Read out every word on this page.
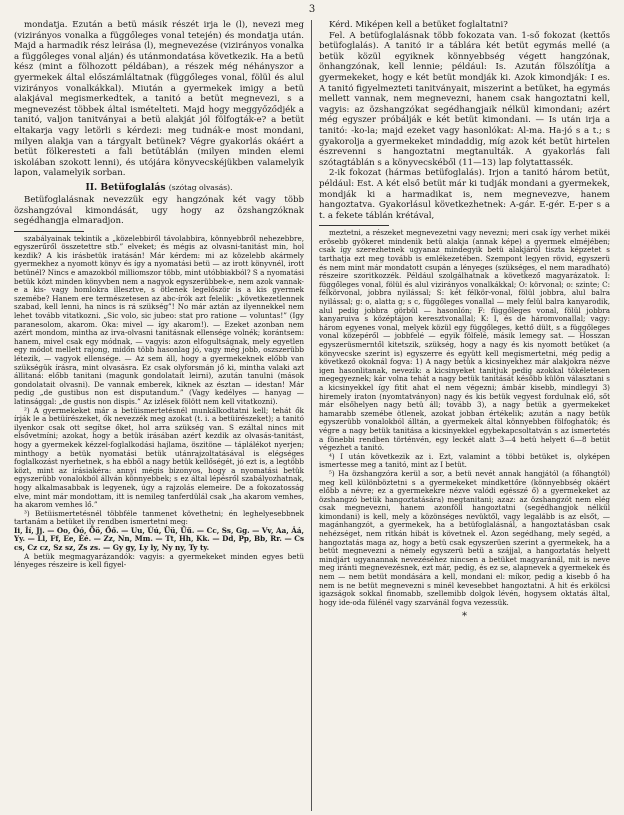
3

mondatja. Ezután a betü másik részét irja le (l), nevezi meg (vizirányos vonalka a függőleges vonal tetején) és mondatja után. Majd a harmadik rész leirása (l), megnevezése (vizirányos vonalka a függőleges vonal alján) és utánmondatása következik. Ha a betü kész (mint a fölhozott példában), a részek még néhányszor a gyermekek által előszámláltatnak (függőleges vonal, fölül és alul vizirányos vonalkákkal). Miután a gyermekek imigy a betü alakjával megismerkedtek, a tanitó a betüt megnevezi, s a megnevezést többek által ismételteti. Majd hogy meggyőződjék a tanitó, valjon tanitványai a betü alakját jól fölfogták-e? a betüt eltakarja vagy letörli s kérdezi: meg tudnák-e most mondani, milyen alakja van a tárgyalt betünek? Végre gyakorlás okáért a betüt fölkeresteti a fali betütáblán (milyen minden elemi iskolában szokott lenni), és utójára könyvecskéjükben valamelyik lapon, valamelyik sorban.

II. Betüfoglalás (szótag olvasás).

Betüfoglalásnak nevezzük egy hangzónak két vagy több özshangzóval kimondását, ugy hogy az özshangzóknak segédhangja elmaradjon.

szabályainak tekintik a „közelebbiről távolabbira, könnyebbről nehezebbre, egyszerűről összetettre stb.” elveket; és mégis az olvasni-tanitást min, hol kezdik? A kis irásbetük iratásán! Már kérdem: mi az közelebb akármely gyermekhez a nyomott könyv és így a nyomatási betü — az irott könyvnél, irott betünél? Nincs e amazokból milliomszor több, mint utóbbiakból? S a nyomatási betük közt minden könyvben nem a nagyok egyszerübbek-e, nem azok vannak-e a kis- vagy homlokra illesztve, s ötlenek legelőször is a kis gyermek szemébe? Hanem ere természetesen az abc-írók azt felelik: „következetlennek szabad, kell lenni, ha nincs is rá szükség”! No már aztán az ilyennekkel nem lehet tovább vitatkozni. „Sic volo, sic jubeo: stat pro ratione — voluntas!” (Igy paranesolom, akarom. Oka: mivel — így akarom!). — Ezeket azonban nem azért mondom, mintha az irva-olvasni tanitásnak ellensége volnék; korántsem: hanem, mivel csak egy módnak, — vagyis: azon elfogultságnak, mely egyetlen egy módot mellett rajong, midőn több hasonlag jó, vagy még jobb, oszszerübb létezik, — vagyok ellensége. — Az sem áll, hogy a gyermekeknek előbb van szükségük írásra, mint olvasásra. Ez csak olyforsmán jő ki, mintha valaki azt állitaná: előbb tanitani (magunk gondolatait leirni), azután tanulni (mások gondolatait olvasni). De vannak emberek, kiknek az észtan — idestan! Már pedig „de gustibus non est disputandum.” (Vagy kedélyes — hanyag — latinsággal: „de gustis non dispis.” Az izlések fölött nem kell vitatkozni).

²) A gyermekeket már a betüismertetésnél munkálkodtatni kell; tehát ők írják le a betüírészeket, ők nevezzék meg azokat (t. i. a betüírészeket); a tanitó ilyenkor csak ott segítse őket, hol arra szükség van. S ezáltal nincs mit elsővetmíni; azokat, hogy a betük irásában azért kezdik az olvasás-tanitást, hogy a gyermekek kézzel-foglalkodási hajlama, öszitöne — táplálékot nyerjen; minthogy a betük nyomatási betük utánrajzoltatásával is elégséges foglalkozást nyerhetnek, s ha ebből a nagy betük kellőségét, jó ezt is, a legtöbb közt, mint az irásiakéra: annyi mégis bizonyos, hogy a nyomatási betük egyszerübb vonalokból állván könnyebbek; s ez által lépésről szabályozhatnak, hogy alkalmasabbak is legyenek, úgy a rajzolás elemeire. De a fokozatosság elve, mint már mondottam, itt is nemileg tanferdülál csak „ha akarom vemhes, ha akarom vemhes lő.”

³) Betüismertetésnél többféle tanmenet követhetni; én leghelyesebbnek tartanám a betüket ily rendben ismertetni meg:

Ii, Íí, Jj. — Oo, Óó, Öö, Őő. — Uu, Úú, Üü, Űű. — Cc, Ss, Gg. — Vv, Aa, Áá, Yy. — Ll, Ff, Ee, Éé. — Zz, Nn, Mm. — Tt, Hh, Kk. — Dd, Pp, Bb, Rr. — Cs cs, Cz cz, Sz sz, Zs zs. — Gy gy, Ly ly, Ny ny, Ty ty.

A betük megmagyarázandók: vagyis: a gyermekeket minden egyes betü lényeges részeire is kell figyel-

Kérd. Miképen kell a betüket foglaltatni?

Fel. A betüfoglalásnak több fokozata van. 1-ső fokozat (kettős betüfoglalás). A tanitó ir a táblára két betüt egymás mellé (a betük közül egyiknek könnyebbség végett hangzónak, önhangzónak, kell lennie; például: Is. Azután fölszólítja a gyermekeket, hogy e két betüt mondják ki. Azok kimondják: I es. A tanitó figyelmezteti tanitványait, miszerint a betüket, ha egymás mellett vannak, nem megnevezni, hanem csak hangoztatni kell, vagyis: az özshangzókat segédhangjaik nélkül kimondani; azért még egyszer próbálják e két betüt kimondani. — Is után irja a tanitó: -ko-la; majd ezeket vagy hasonlókat: Al-ma. Ha-jó s a t.; s gyakorolja a gyermekeket mindaddig, míg azok két betüt hirtelen észrevenni s hangoztatni megtanulták. A gyakorlás fali szótagtáblán s a könyvecskéből (11—13) lap folytattassék.

2-ik fokozat (hármas betüfoglalás). Irjon a tanitó három betüt, például: Est. A két első betüt már ki tudják mondani a gyermekek, mondják ki a harmadikat is, nem megnevezve, hanem hangoztatva. Gyakorlásul következhetnek: A-gár. E-gér. E-per s a t. a fekete táblán krétával,

meztetni, a részeket megnevezetni vagy nevezni; meri csak így verhet mikéi erösebb gyökeret mindenik betü alakja (annak képe) a gyermek elméjében; csak így szerezhetnek ugyanaz mindegyik betü alakjáról tiszta képzetet s tarthatja ezt meg tovább is emlékezetében. Szempont legyen rövid, egyszerü és nem mint már mondatott csupán a lényeges (szükséges, el nem maradható) részeire szoritkozzék. Például szolgálhatnak a következő magyarázatok. I: függőleges vonal, fölül és alul vizirányos vonalkákkal; O: körvonal; o: szinte; C: félkörvonal, jobbra nyilással; S: két félkör-vonal, fölül jobbra, alul balra nyilással; g: o, alatta g; s c, függőleges vonallal — mely felül balra kanyarodik, alul pedig jobbra görbül — hasonlón; F: függőleges vonal, fölül jobbra kanyaruiva s középtájon keresztvonallal; K: I, és de háromvonallal; vagy: három egyenes vonal, melyek közül egy függőleges, kettő dült, s a függőleges vonal közepéről — jobbfelé — egyik fölfelé, másik lemegy sat. — Hosszan egyszerüsmerntől kitetszik, szükség, hogy a nagy és kis nyomott betüket (a könyvecske szerint is) egyszerre és együtt kell megismertetni, még pedig a következő okoknál fogva: 1) A nagy betük a kicsinyekhez már alakjokra nézve igen hasonlitanak, nevezik: a kicsinyeket tanitjuk pedig azokkal tökéletesen megegyeznek; kár volna tehát a nagy betük tanitását később külön választani s a kicsinyekkel így fitit ahat el nem végezni; ámbár kisebb, mindlegyi 3) hiremely iraton (nyomtatványon) nagy és kis betük vegyest fordulnak elő, sőt már elsőhelyen nagy betü áll; tovább 3), a nagy betük a gyermekeket hamarabb szemébe ötlenek, azokat jobban értékelik; azután a nagy betük egyszerübb vonalokból álltán, a gyermekek által könnyebben fölfoghatók; és végre a nagy betük tanitása a kicsinyekkel egybekapcsoltatván s az ismertetés a fönebbi rendben történvén, egy leckét alatt 3—4 betü helyett 6—8 betüt végezhet a tanitó.

⁴) I után következik az i. Ezt, valamint a többi betüket is, olyképen ismertesse meg a tanitó, mint az I betüt.

⁵) Ha özshangzóra kerül a sor, a betü nevét annak hangjától (a főhangtól) meg kell különböztetni s a gyermekeket mindkettőre (könnyebbség okáért előbb a névre; ez a gyermekekre nézve valódi egésszé ő) a gyermekeket az özshangzó betük hangoztatására) megtanitani; azaz: az özshangzót nem elég csak megnevezni, hanem azonföll hangoztatni (segédhangjok nélkül kimondani) is kell, mely a közönséges nevüktől, vagy legalább is az elsőt, — magánhangzót, a gyermekek, ha a betüfoglalásnál, a hangoztatásban csak nehézséget, nem ritkán hibát is követnek el. Azon segédhang, mely segéd, a hangoztatás maga az, hogy a betü csak egyszerüen szerint a gyermekek, ha a betüt megnevezni a némely egyszerü betü a szájjal, a hangoztatás helyett mindjárt ugyanannak nevezéséhez nincsen a betüket magyaránál, mit is neve meg iránti megnevezésnek, ezt már, pedig, és ez se, alapnevek a gyermekek és nem — nem betüt mondására a kell, mondani el: míkor, pedig a kisebb ő ha nem is ne betüt megnevezni s minél kevesebbet hangoztatni. A hit és erkölcsi igazságok sokkal finomabb, szellemibb dolgok lévén, hogysem oktatás által, hogy ide-oda fülénél vagy szarvánál fogva vezessük.

*
